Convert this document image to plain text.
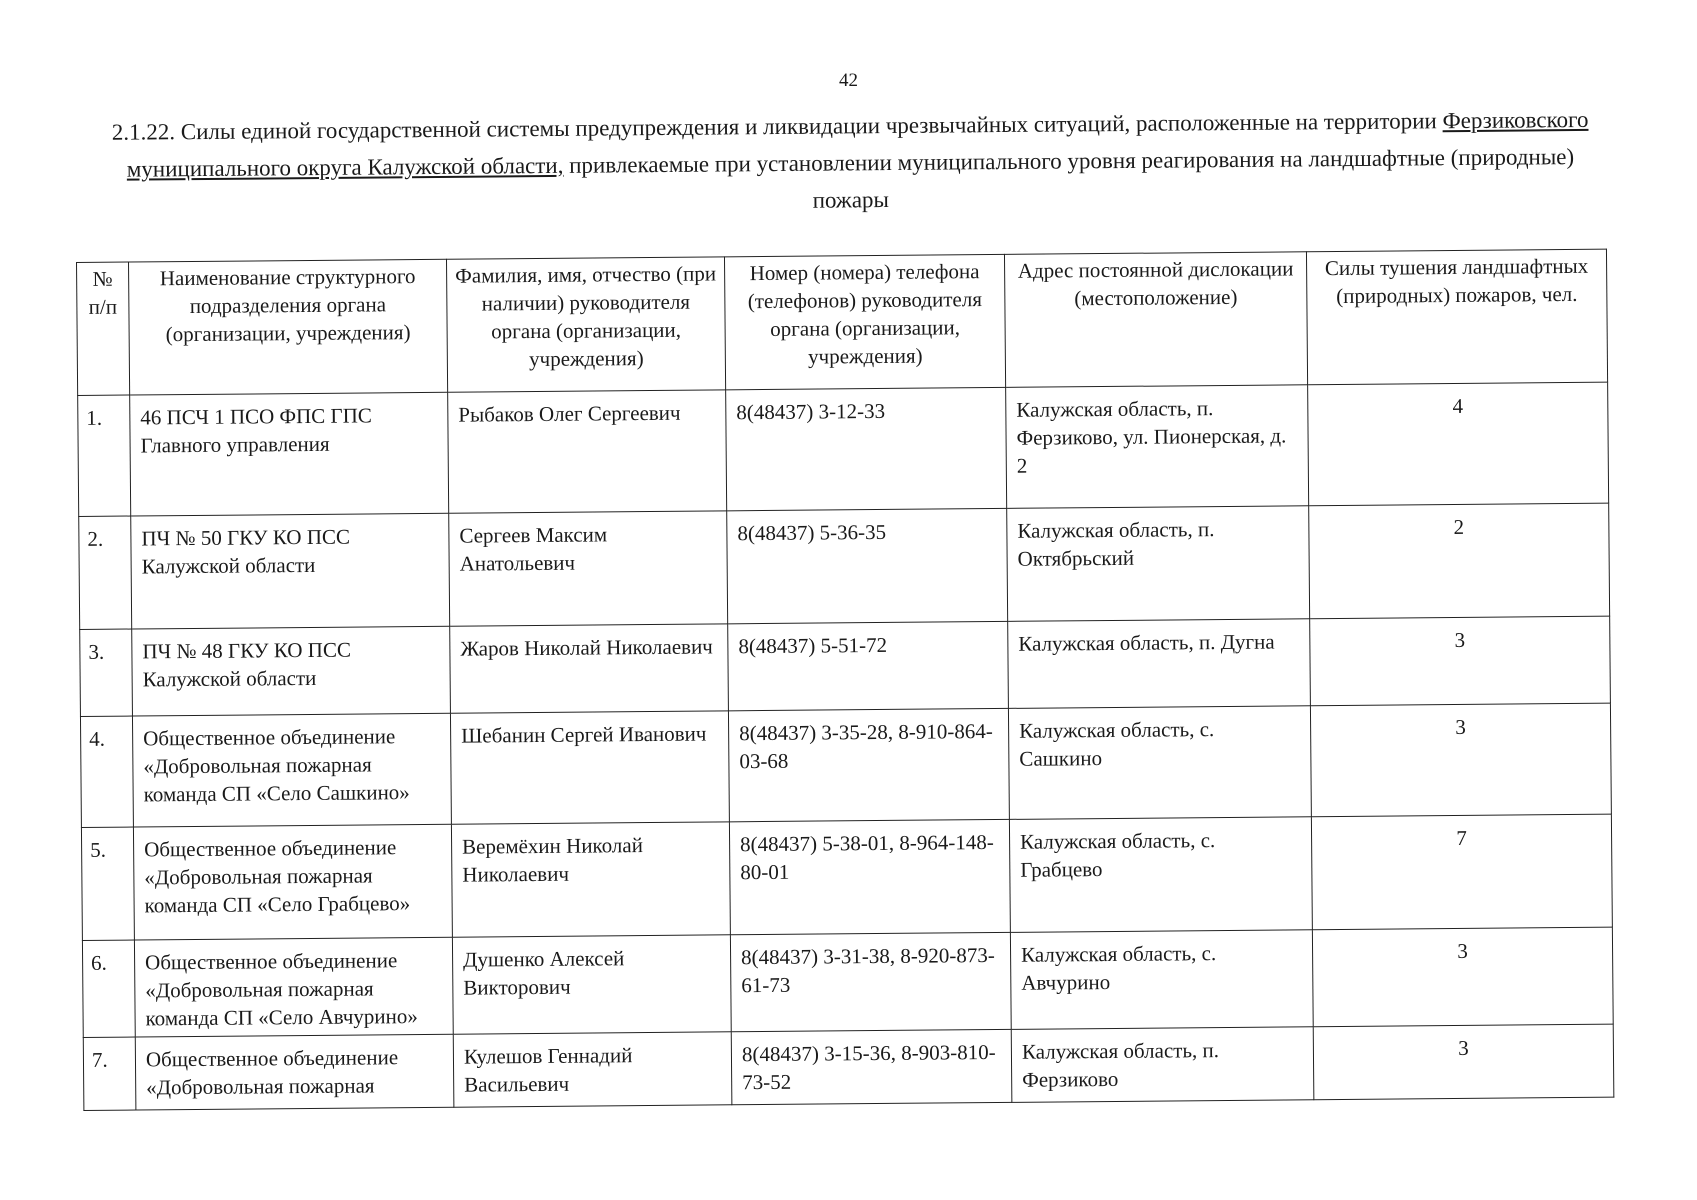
42
2.1.22. Силы единой государственной системы предупреждения и ликвидации чрезвычайных ситуаций, расположенные на территории Ферзиковского муниципального округа Калужской области, привлекаемые при установлении муниципального уровня реагирования на ландшафтные (природные) пожары
№ п/п	Наименование структурного подразделения органа (организации, учреждения)	Фамилия, имя, отчество (при наличии) руководителя органа (организации, учреждения)	Номер (номера) телефона (телефонов) руководителя органа (организации, учреждения)	Адрес постоянной дислокации (местоположение)	Силы тушения ландшафтных (природных) пожаров, чел.
1.	46 ПСЧ 1 ПСО ФПС ГПС Главного управления	Рыбаков Олег Сергеевич	8(48437) 3-12-33	Калужская область, п. Ферзиково, ул. Пионерская, д. 2	4
2.	ПЧ № 50 ГКУ КО ПСС Калужской области	Сергеев Максим Анатольевич	8(48437) 5-36-35	Калужская область, п. Октябрьский	2
3.	ПЧ № 48 ГКУ КО ПСС Калужской области	Жаров Николай Николаевич	8(48437) 5-51-72	Калужская область, п. Дугна	3
4.	Общественное объединение «Добровольная пожарная команда СП «Село Сашкино»	Шебанин Сергей Иванович	8(48437) 3-35-28, 8-910-864-03-68	Калужская область, с. Сашкино	3
5.	Общественное объединение «Добровольная пожарная команда СП «Село Грабцево»	Веремёхин Николай Николаевич	8(48437) 5-38-01, 8-964-148-80-01	Калужская область, с. Грабцево	7
6.	Общественное объединение «Добровольная пожарная команда СП «Село Авчурино»	Душенко Алексей Викторович	8(48437) 3-31-38, 8-920-873-61-73	Калужская область, с. Авчурино	3
7.	Общественное объединение «Добровольная пожарная	Кулешов Геннадий Васильевич	8(48437) 3-15-36, 8-903-810-73-52	Калужская область, п. Ферзиково	3
